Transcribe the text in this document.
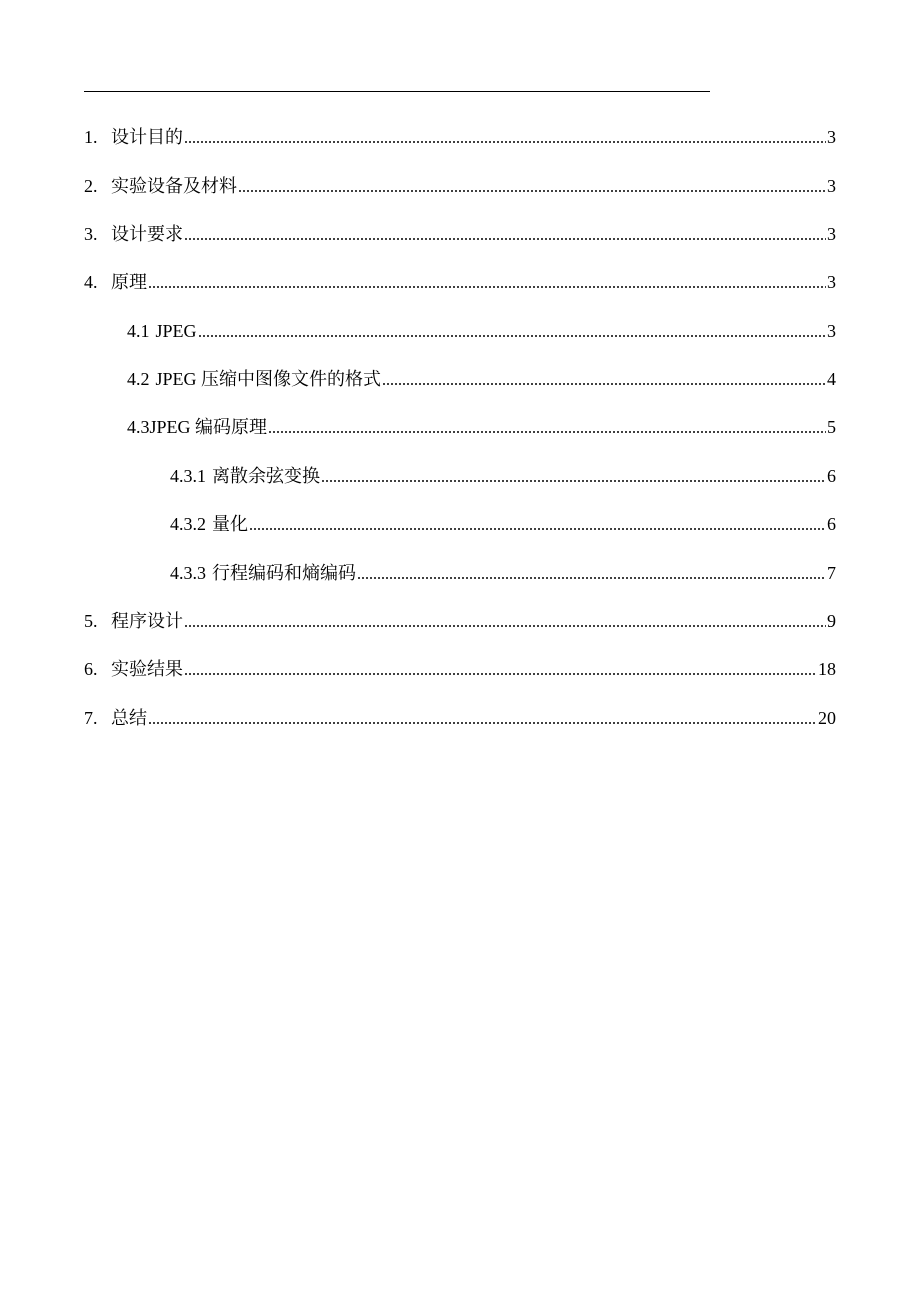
1. 设计目的	3
2. 实验设备及材料	3
3. 设计要求	3
4. 原理	3
4.1 JPEG	3
4.2 JPEG 压缩中图像文件的格式	4
4.3 JPEG 编码原理	5
4.3.1 离散余弦变换	6
4.3.2 量化	6
4.3.3 行程编码和熵编码	7
5. 程序设计	9
6. 实验结果	18
7. 总结	20
